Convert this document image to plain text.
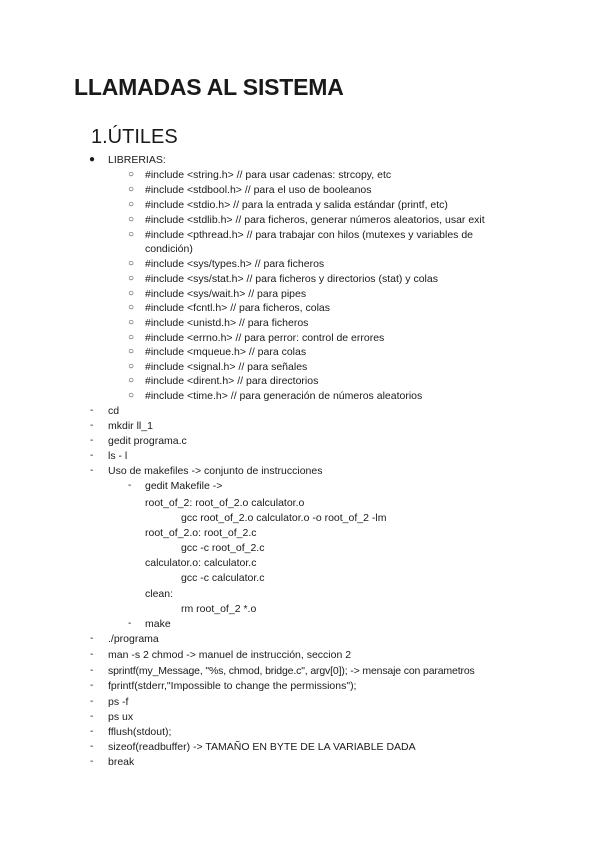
LLAMADAS AL SISTEMA
1.ÚTILES
● LIBRERIAS:
○ #include <string.h> // para usar cadenas: strcopy, etc
○ #include <stdbool.h> // para el uso de booleanos
○ #include <stdio.h> // para la entrada y salida estándar (printf, etc)
○ #include <stdlib.h> // para ficheros, generar números aleatorios, usar exit
○ #include <pthread.h> // para trabajar con hilos (mutexes y variables de
condición)
○ #include <sys/types.h> // para ficheros
○ #include <sys/stat.h> // para ficheros y directorios (stat) y colas
○ #include <sys/wait.h> // para pipes
○ #include <fcntl.h> // para ficheros, colas
○ #include <unistd.h> // para ficheros
○ #include <errno.h> // para perror: control de errores
○ #include <mqueue.h> // para colas
○ #include <signal.h> // para señales
○ #include <dirent.h> // para directorios
○ #include <time.h> // para generación de números aleatorios
- cd
- mkdir ll_1
- gedit programa.c
- ls - l
- Uso de makefiles -> conjunto de instrucciones
- gedit Makefile ->
root_of_2: root_of_2.o calculator.o
gcc root_of_2.o calculator.o -o root_of_2 -lm
root_of_2.o: root_of_2.c
gcc -c root_of_2.c
calculator.o: calculator.c
gcc -c calculator.c
clean:
rm root_of_2 *.o
- make
- ./programa
- man -s 2 chmod -> manuel de instrucción, seccion 2
- sprintf(my_Message, "%s, chmod, bridge.c", argv[0]); -> mensaje con parametros
- fprintf(stderr,"Impossible to change the permissions");
- ps -f
- ps ux
- fflush(stdout);
- sizeof(readbuffer) -> TAMAÑO EN BYTE DE LA VARIABLE DADA
- break
